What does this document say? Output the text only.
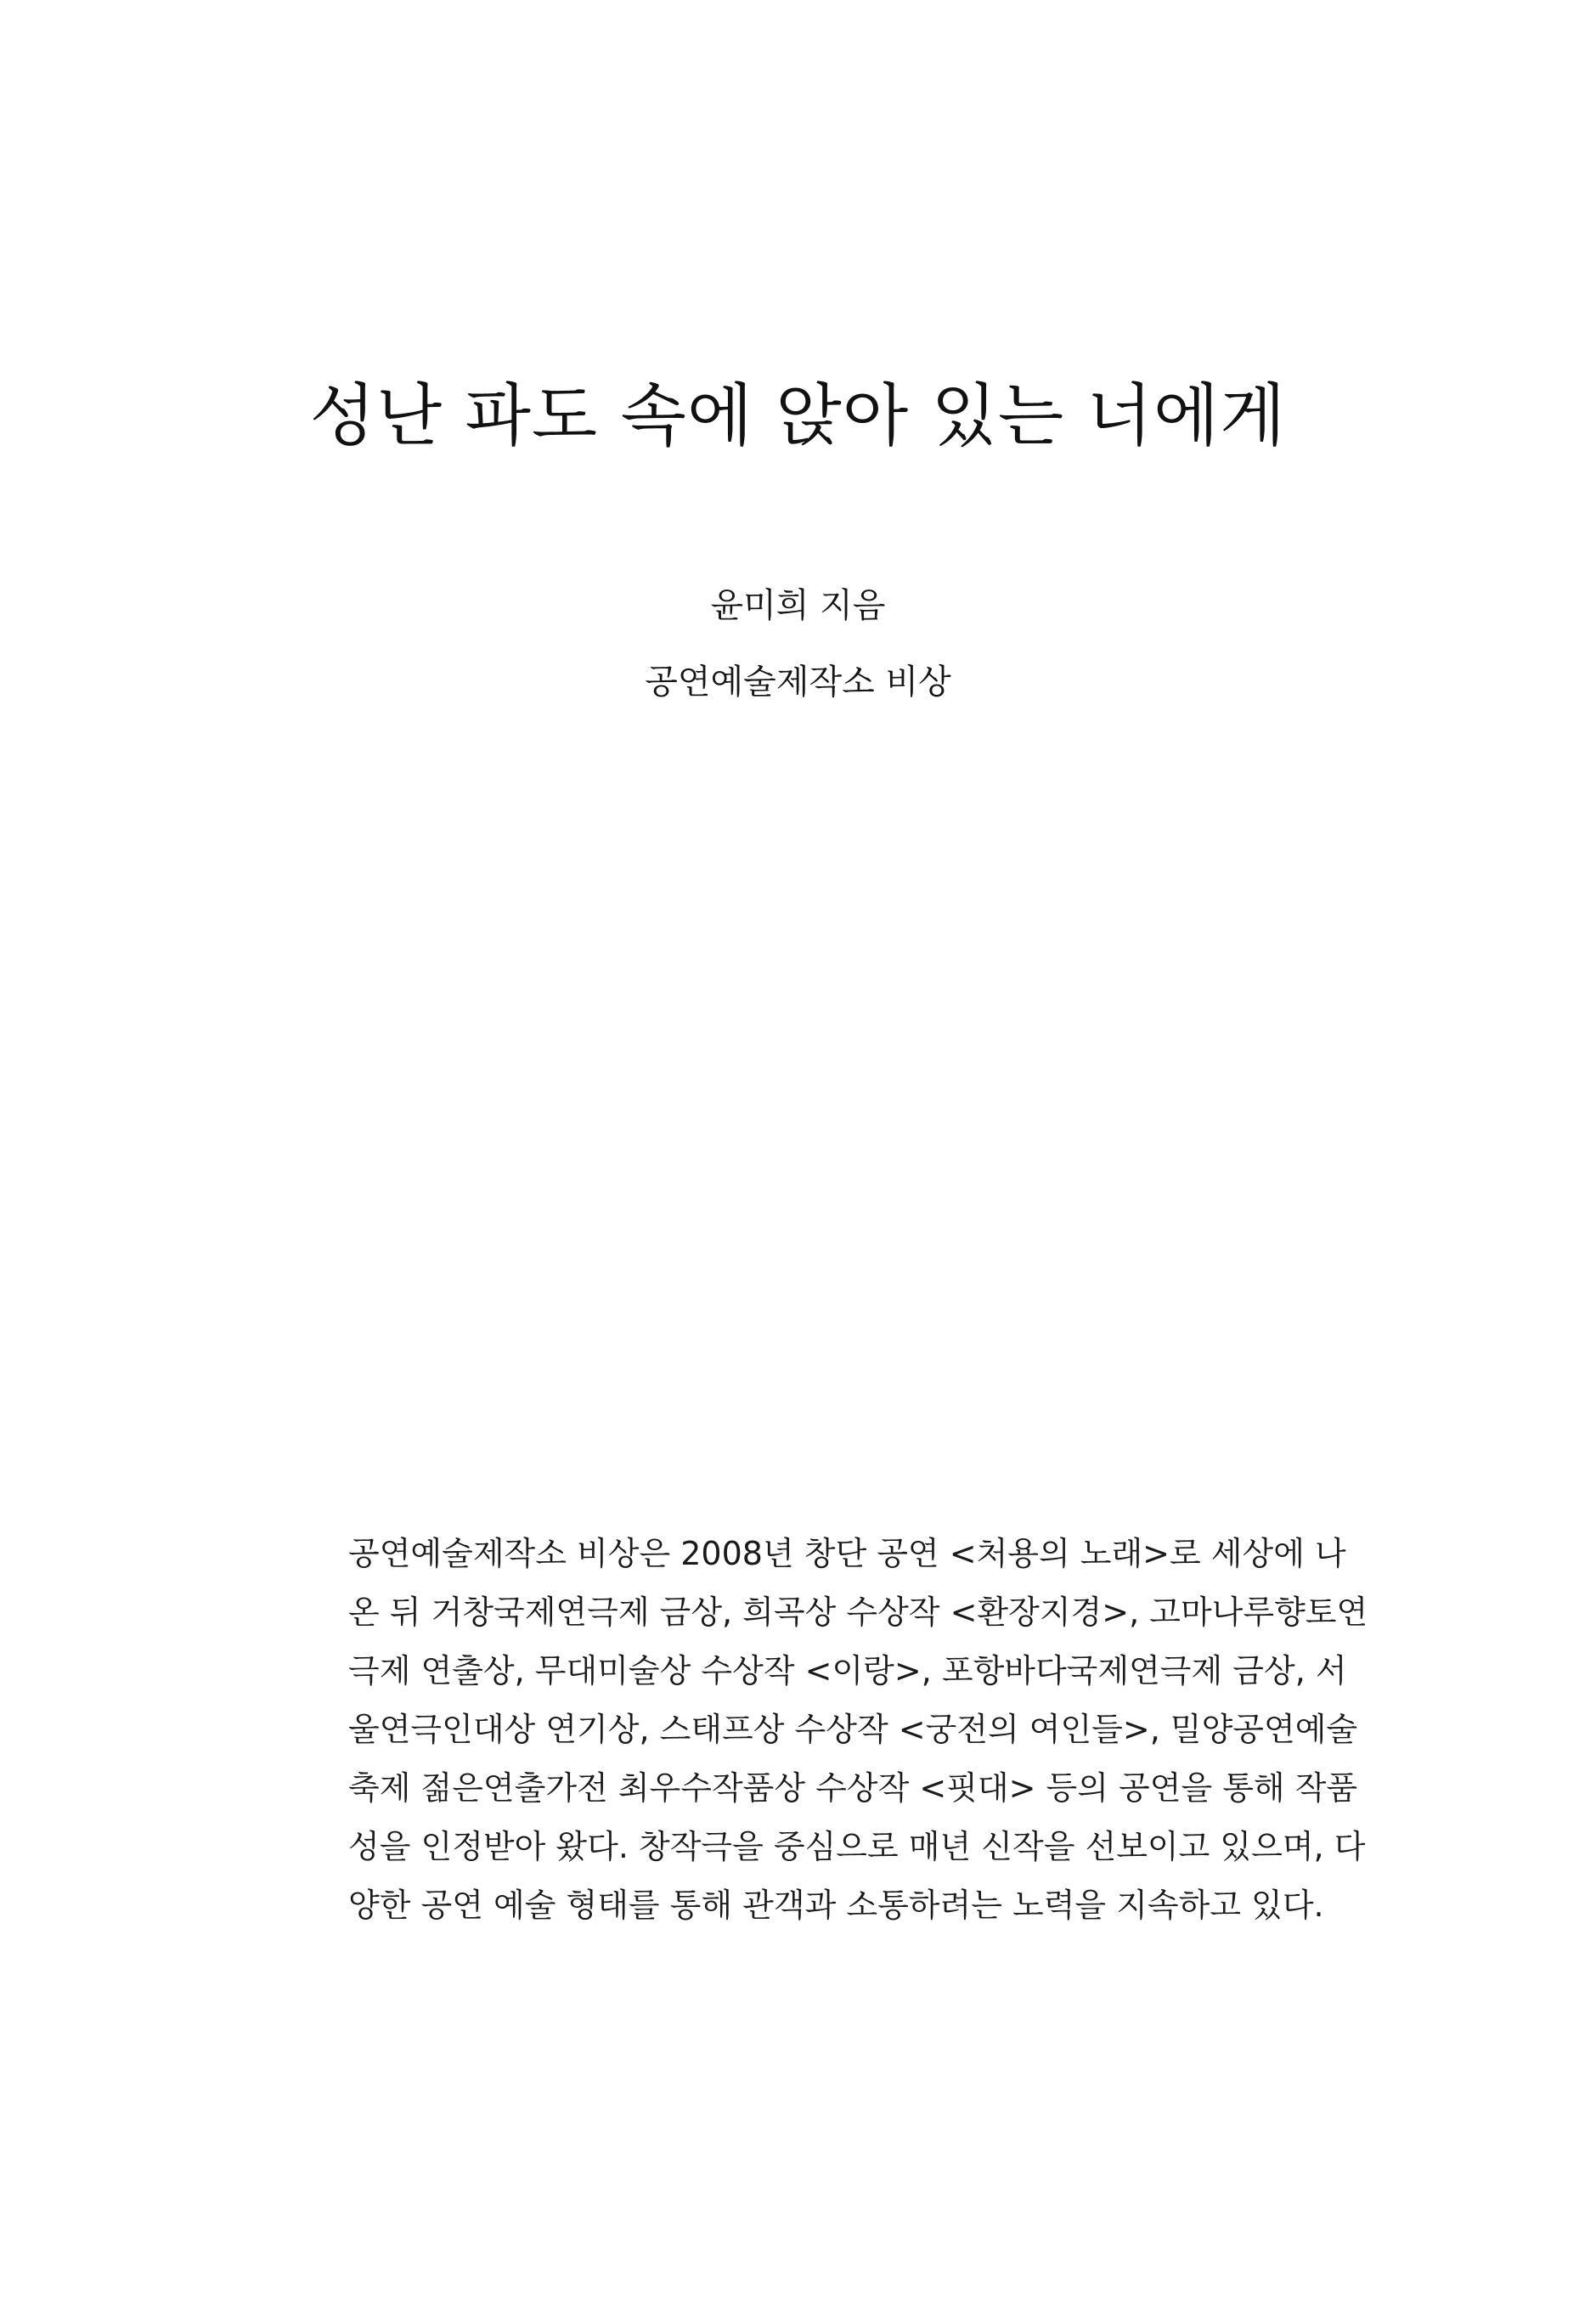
성난 파도 속에 앉아 있는 너에게

윤미희 지음

공연예술제작소 비상

공연예술제작소 비상은 2008년 창단 공연 <처용의 노래>로 세상에 나
온 뒤 거창국제연극제 금상, 희곡상 수상작 <환장지경>, 고마나루향토연
극제 연출상, 무대미술상 수상작 <이랑>, 포항바다국제연극제 금상, 서
울연극인대상 연기상, 스태프상 수상작 <궁전의 여인들>, 밀양공연예술
축제 젊은연출가전 최우수작품상 수상작 <핏대> 등의 공연을 통해 작품
성을 인정받아 왔다. 창작극을 중심으로 매년 신작을 선보이고 있으며, 다
양한 공연 예술 형태를 통해 관객과 소통하려는 노력을 지속하고 있다.
